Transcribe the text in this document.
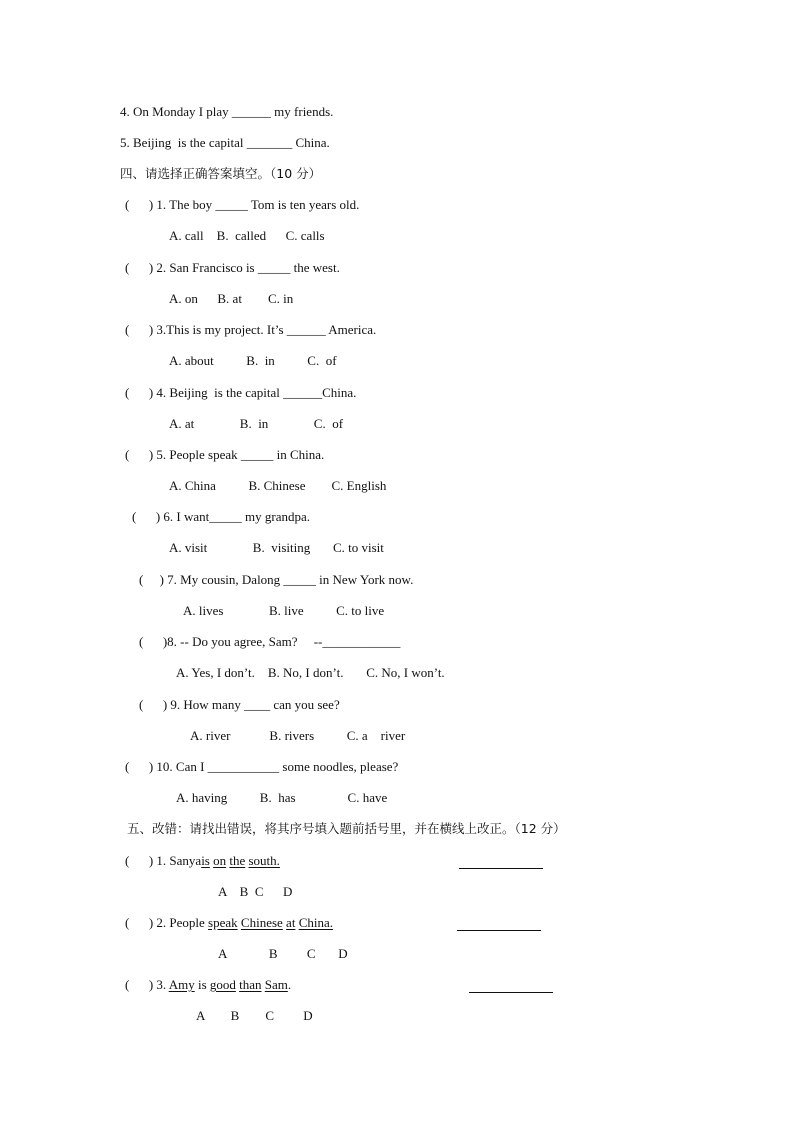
4. On Monday I play ______ my friends.
5. Beijing  is the capital _______ China.
四、请选择正确答案填空。（10 分）
(      ) 1. The boy _____ Tom is ten years old.
A. call    B.  called      C. calls
(      ) 2. San Francisco is _____ the west.
A. on      B. at        C. in
(      ) 3.This is my project. It’s ______ America.
A. about          B.  in          C.  of
(      ) 4. Beijing  is the capital ______China.
A. at              B.  in              C.  of
(      ) 5. People speak _____ in China.
A. China          B. Chinese        C. English
(      ) 6. I want_____ my grandpa.
A. visit              B.  visiting       C. to visit
(     ) 7. My cousin, Dalong _____ in New York now.
A. lives              B. live          C. to live
(      )8. -- Do you agree, Sam?     --____________
A. Yes, I don’t.    B. No, I don’t.       C. No, I won’t.
(      ) 9. How many ____ can you see?
A. river            B. rivers          C. a    river
(      ) 10. Can I ___________ some noodles, please?
A. having          B.  has                C. have
五、改错：请找出错误，将其序号填入题前括号里，并在横线上改正。（12 分）
(      ) 1. Sanyais on the south.
A    B  C      D
(      ) 2. People speak Chinese at China.
A             B         C       D
(      ) 3. Amy is good than Sam.
A        B        C         D
